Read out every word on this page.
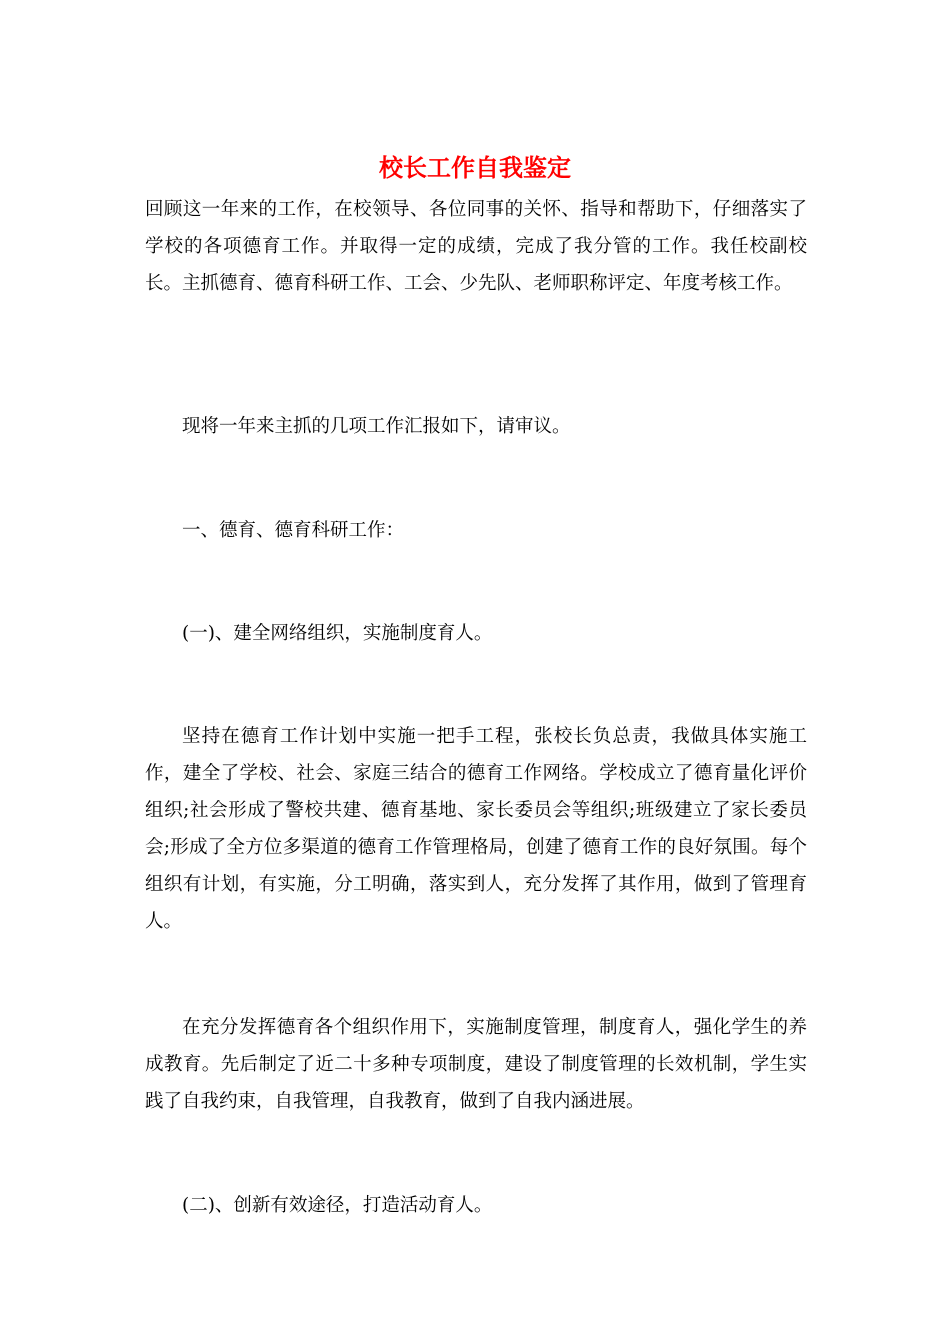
校长工作自我鉴定

回顾这一年来的工作，在校领导、各位同事的关怀、指导和帮助下，仔细落实了学校的各项德育工作。并取得一定的成绩，完成了我分管的工作。我任校副校长。主抓德育、德育科研工作、工会、少先队、老师职称评定、年度考核工作。

现将一年来主抓的几项工作汇报如下，请审议。

一、德育、德育科研工作：

(一)、建全网络组织，实施制度育人。

坚持在德育工作计划中实施一把手工程，张校长负总责，我做具体实施工作，建全了学校、社会、家庭三结合的德育工作网络。学校成立了德育量化评价组织;社会形成了警校共建、德育基地、家长委员会等组织;班级建立了家长委员会;形成了全方位多渠道的德育工作管理格局，创建了德育工作的良好氛围。每个组织有计划，有实施，分工明确，落实到人，充分发挥了其作用，做到了管理育人。

在充分发挥德育各个组织作用下，实施制度管理，制度育人，强化学生的养成教育。先后制定了近二十多种专项制度，建设了制度管理的长效机制，学生实践了自我约束，自我管理，自我教育，做到了自我内涵进展。

(二)、创新有效途径，打造活动育人。
